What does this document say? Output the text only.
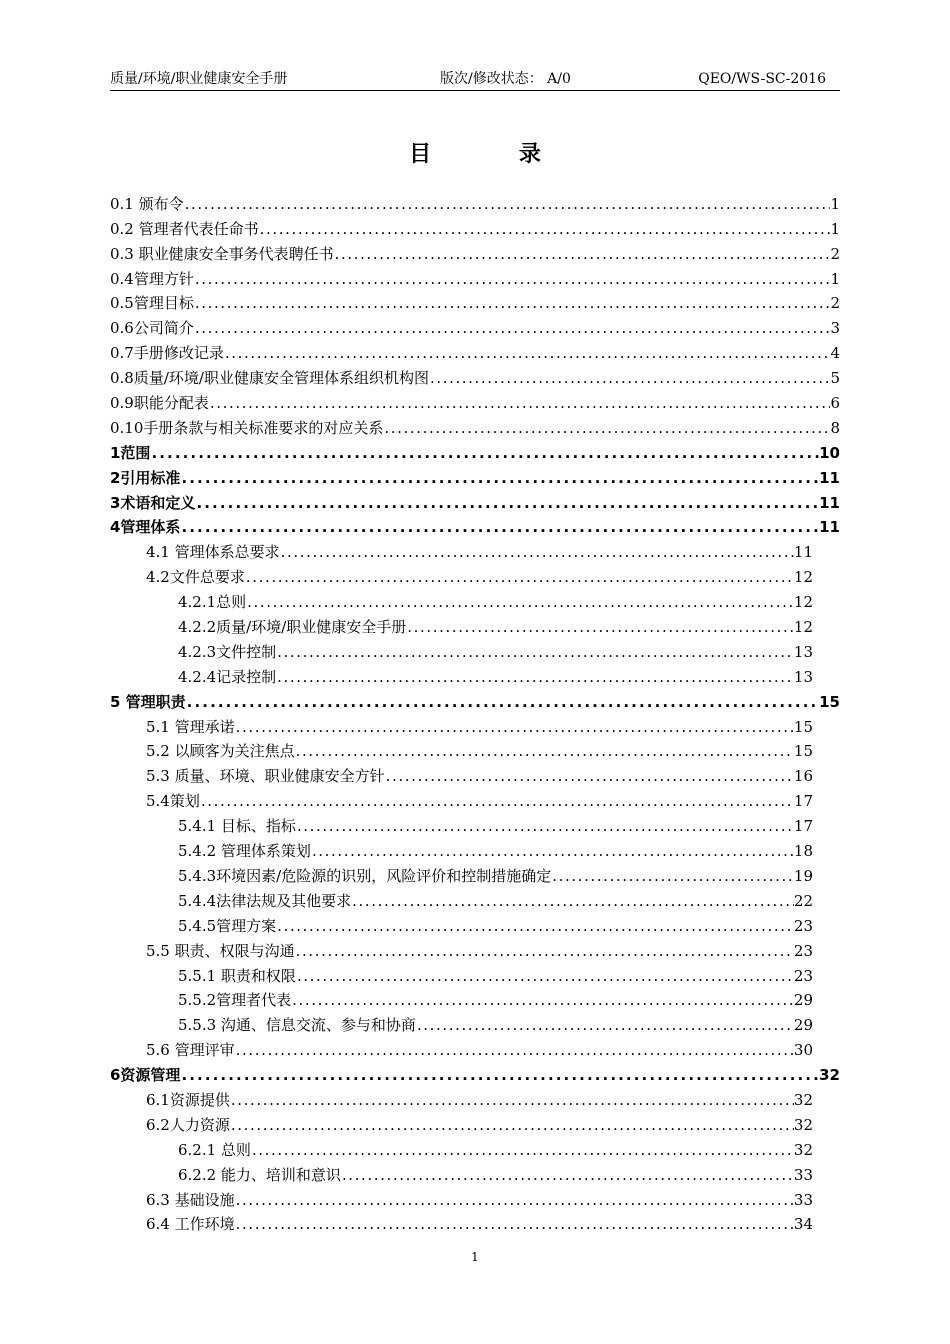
质量/环境/职业健康安全手册	版次/修改状态： A/0	QEO/WS-SC-2016
目 录
0.1 颁布令 .....	1
0.2 管理者代表任命书 .....	1
0.3 职业健康安全事务代表聘任书 .....	2
0.4管理方针 .....	1
0.5管理目标 .....	2
0.6公司简介 .....	3
0.7手册修改记录 .....	4
0.8质量/环境/职业健康安全管理体系组织机构图 .....	5
0.9职能分配表 .....	6
0.10手册条款与相关标准要求的对应关系 .....	8
1范围 .....	10
2引用标准 .....	11
3术语和定义 .....	11
4管理体系 .....	11
4.1 管理体系总要求 .....	11
4.2文件总要求 .....	12
4.2.1总则 .....	12
4.2.2质量/环境/职业健康安全手册 .....	12
4.2.3文件控制 .....	13
4.2.4记录控制 .....	13
5 管理职责 .....	15
5.1 管理承诺 .....	15
5.2 以顾客为关注焦点 .....	15
5.3 质量、环境、职业健康安全方针 .....	16
5.4策划 .....	17
5.4.1 目标、指标 .....	17
5.4.2 管理体系策划 .....	18
5.4.3环境因素/危险源的识别，风险评价和控制措施确定 .....	19
5.4.4法律法规及其他要求 .....	22
5.4.5管理方案 .....	23
5.5 职责、权限与沟通 .....	23
5.5.1 职责和权限 .....	23
5.5.2管理者代表 .....	29
5.5.3 沟通、信息交流、参与和协商 .....	29
5.6 管理评审 .....	30
6资源管理 .....	32
6.1资源提供 .....	32
6.2人力资源 .....	32
6.2.1 总则 .....	32
6.2.2 能力、培训和意识 .....	33
6.3 基础设施 .....	33
6.4 工作环境 .....	34
1
